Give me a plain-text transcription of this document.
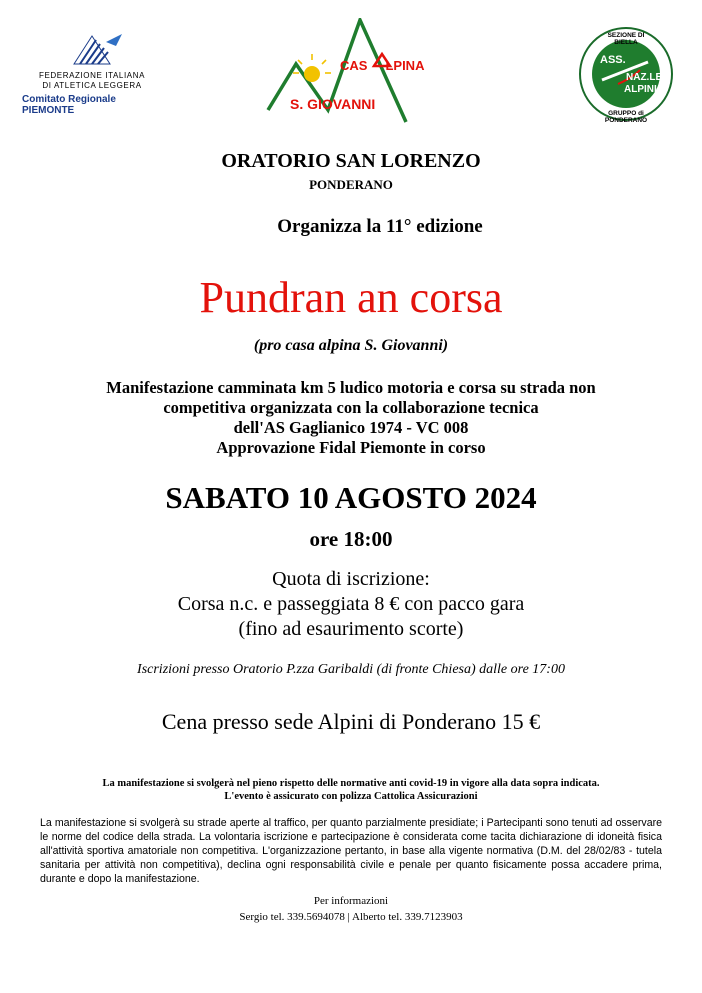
FEDERAZIONE ITALIANA
DI ATLETICA LEGGERA
Comitato Regionale PIEMONTE
CAS LPINA
S. GIOVANNI
SEZIONE DI BIELLA
GRUPPO di PONDERANO
ASS.
NAZ.LE
ALPINI
ORATORIO SAN LORENZO
PONDERANO
Organizza la 11° edizione
Pundran an corsa
(pro casa alpina S. Giovanni)
Manifestazione camminata km 5 ludico motoria e corsa su strada non
competitiva organizzata con la collaborazione tecnica
dell'AS Gaglianico 1974 - VC 008
Approvazione Fidal Piemonte in corso
SABATO 10 AGOSTO 2024
ore 18:00
Quota di iscrizione:
Corsa n.c. e passeggiata 8 € con pacco gara
(fino ad esaurimento scorte)
Iscrizioni presso Oratorio P.zza Garibaldi (di fronte Chiesa) dalle ore 17:00
Cena presso sede Alpini di Ponderano 15 €
La manifestazione si svolgerà nel pieno rispetto delle normative anti covid-19 in vigore alla data sopra indicata.
L'evento è assicurato con polizza Cattolica Assicurazioni
La manifestazione si svolgerà su strade aperte al traffico, per quanto parzialmente presidiate; i Partecipanti sono tenuti ad osservare le norme del codice della strada. La volontaria iscrizione e partecipazione è considerata come tacita dichiarazione di idoneità fisica all'attività sportiva amatoriale non competitiva. L'organizzazione pertanto, in base alla vigente normativa (D.M. del 28/02/83 - tutela sanitaria per attività non competitiva), declina ogni responsabilità civile e penale per quanto fisicamente possa accadere prima, durante e dopo la manifestazione.
Per informazioni
Sergio tel. 339.5694078 | Alberto tel. 339.7123903
